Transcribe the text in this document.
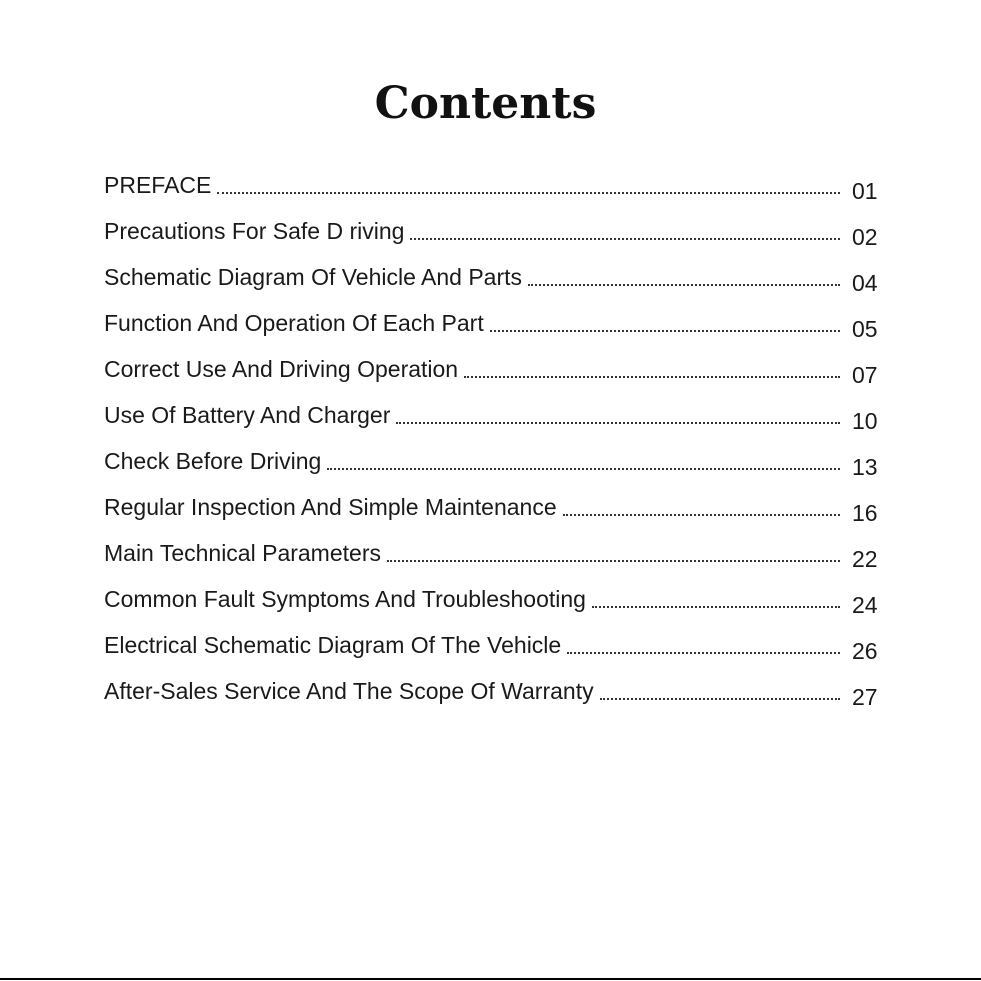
Contents
PREFACE	01
Precautions For Safe D riving	02
Schematic Diagram Of Vehicle And Parts	04
Function And Operation Of Each Part	05
Correct Use And Driving Operation	07
Use Of Battery And Charger	10
Check Before Driving	13
Regular Inspection And Simple Maintenance	16
Main Technical Parameters	22
Common Fault Symptoms And Troubleshooting	24
Electrical Schematic Diagram Of The Vehicle	26
After-Sales Service And The Scope Of Warranty	27
